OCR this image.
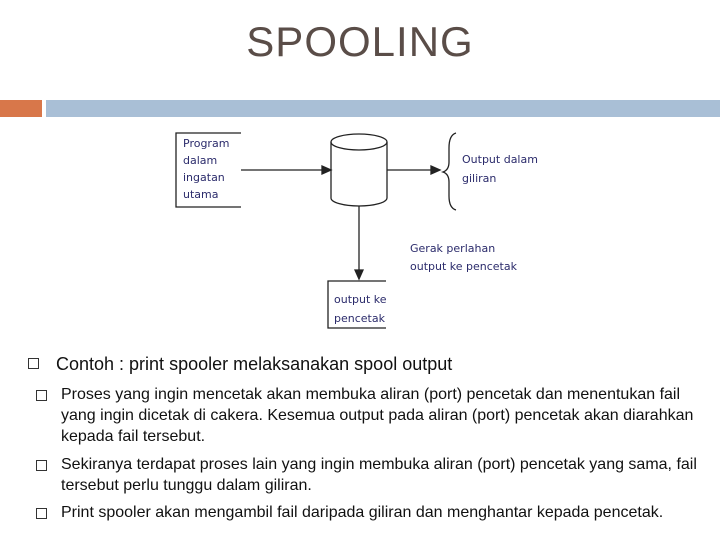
SPOOLING
Program
dalam
ingatan
utama
Output dalam
giliran
Gerak perlahan
output ke pencetak
output ke
pencetak
Contoh : print spooler melaksanakan spool output
Proses yang ingin mencetak akan membuka aliran (port) pencetak dan menentukan fail yang ingin dicetak di cakera. Kesemua output pada aliran (port) pencetak akan diarahkan kepada fail tersebut.
Sekiranya terdapat proses lain yang ingin membuka aliran (port) pencetak yang sama, fail tersebut perlu tunggu dalam giliran.
Print spooler akan mengambil fail daripada giliran dan menghantar kepada pencetak.
